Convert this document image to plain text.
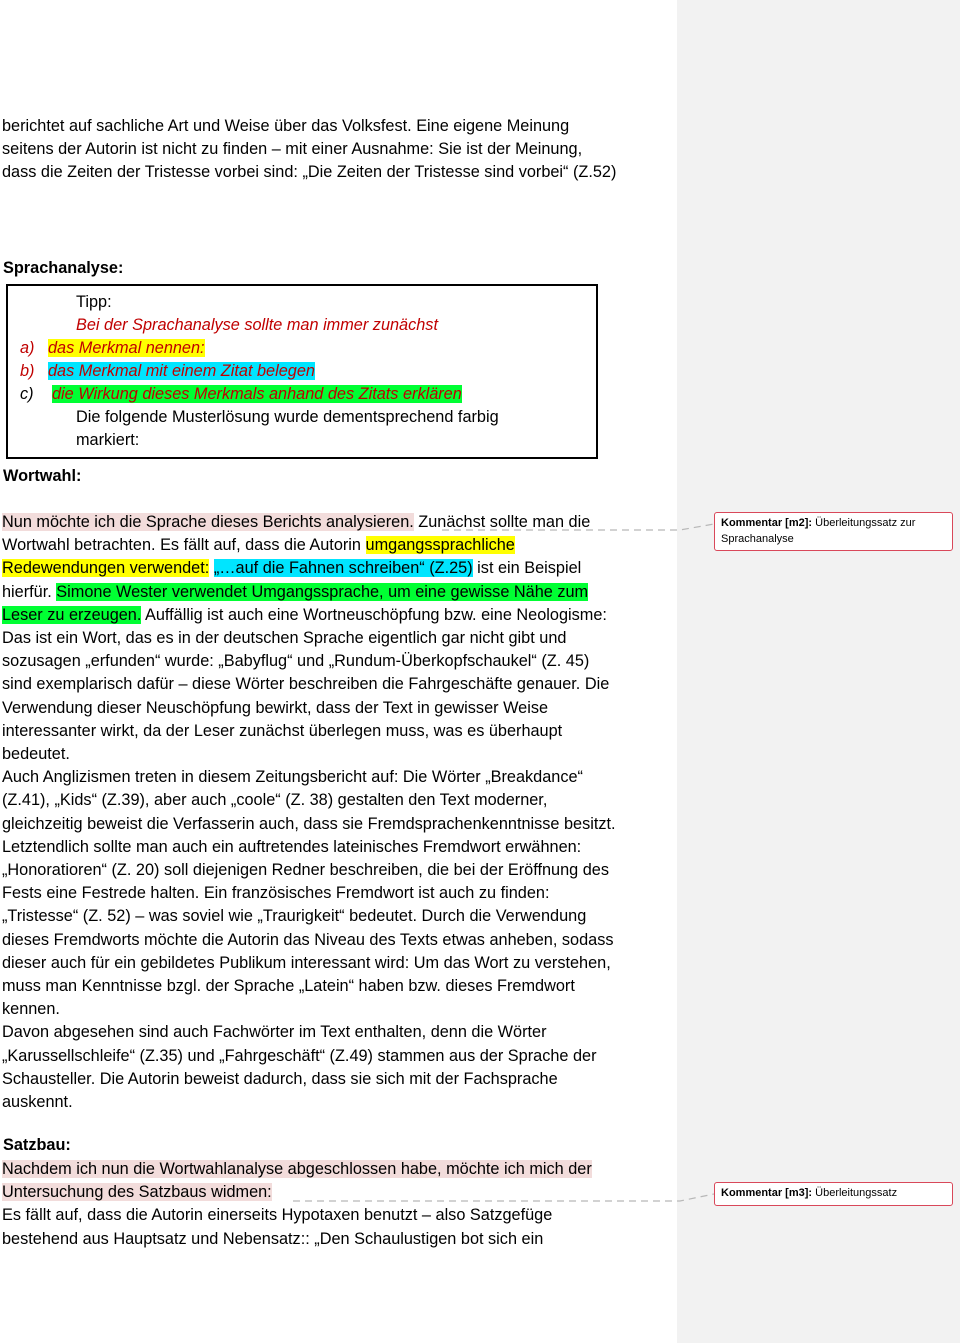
berichtet auf sachliche Art und Weise über das Volksfest. Eine eigene Meinung
seitens der Autorin ist nicht zu finden – mit einer Ausnahme: Sie ist der Meinung,
dass die Zeiten der Tristesse vorbei sind: „Die Zeiten der Tristesse sind vorbei“ (Z.52)
Sprachanalyse:
Tipp:
Bei der Sprachanalyse sollte man immer zunächst
a) das Merkmal nennen:
b) das Merkmal mit einem Zitat belegen
c) die Wirkung dieses Merkmals anhand des Zitats erklären
Die folgende Musterlösung wurde dementsprechend farbig
markiert:
Wortwahl:
Nun möchte ich die Sprache dieses Berichts analysieren. Zunächst sollte man die
Wortwahl betrachten. Es fällt auf, dass die Autorin umgangssprachliche
Redewendungen verwendet: „…auf die Fahnen schreiben“ (Z.25) ist ein Beispiel
hierfür. Simone Wester verwendet Umgangssprache, um eine gewisse Nähe zum
Leser zu erzeugen. Auffällig ist auch eine Wortneuschöpfung bzw. eine Neologisme:
Das ist ein Wort, das es in der deutschen Sprache eigentlich gar nicht gibt und
sozusagen „erfunden“ wurde: „Babyflug“ und „Rundum-Überkopfschaukel“ (Z. 45)
sind exemplarisch dafür – diese Wörter beschreiben die Fahrgeschäfte genauer. Die
Verwendung dieser Neuschöpfung bewirkt, dass der Text in gewisser Weise
interessanter wirkt, da der Leser zunächst überlegen muss, was es überhaupt
bedeutet.
Auch Anglizismen treten in diesem Zeitungsbericht auf: Die Wörter „Breakdance“
(Z.41), „Kids“ (Z.39), aber auch „coole“ (Z. 38) gestalten den Text moderner,
gleichzeitig beweist die Verfasserin auch, dass sie Fremdsprachenkenntnisse besitzt.
Letztendlich sollte man auch ein auftretendes lateinisches Fremdwort erwähnen:
„Honoratioren“ (Z. 20) soll diejenigen Redner beschreiben, die bei der Eröffnung des
Fests eine Festrede halten. Ein französisches Fremdwort ist auch zu finden:
„Tristesse“ (Z. 52) – was soviel wie „Traurigkeit“ bedeutet. Durch die Verwendung
dieses Fremdworts möchte die Autorin das Niveau des Texts etwas anheben, sodass
dieser auch für ein gebildetes Publikum interessant wird: Um das Wort zu verstehen,
muss man Kenntnisse bzgl. der Sprache „Latein“ haben bzw. dieses Fremdwort
kennen.
Davon abgesehen sind auch Fachwörter im Text enthalten, denn die Wörter
„Karussellschleife“ (Z.35) und „Fahrgeschäft“ (Z.49) stammen aus der Sprache der
Schausteller. Die Autorin beweist dadurch, dass sie sich mit der Fachsprache
auskennt.
Satzbau:
Nachdem ich nun die Wortwahlanalyse abgeschlossen habe, möchte ich mich der
Untersuchung des Satzbaus widmen:
Es fällt auf, dass die Autorin einerseits Hypotaxen benutzt – also Satzgefüge
bestehend aus Hauptsatz und Nebensatz:: „Den Schaulustigen bot sich ein
Kommentar [m2]: Überleitungssatz zur Sprachanalyse
Kommentar [m3]: Überleitungssatz
